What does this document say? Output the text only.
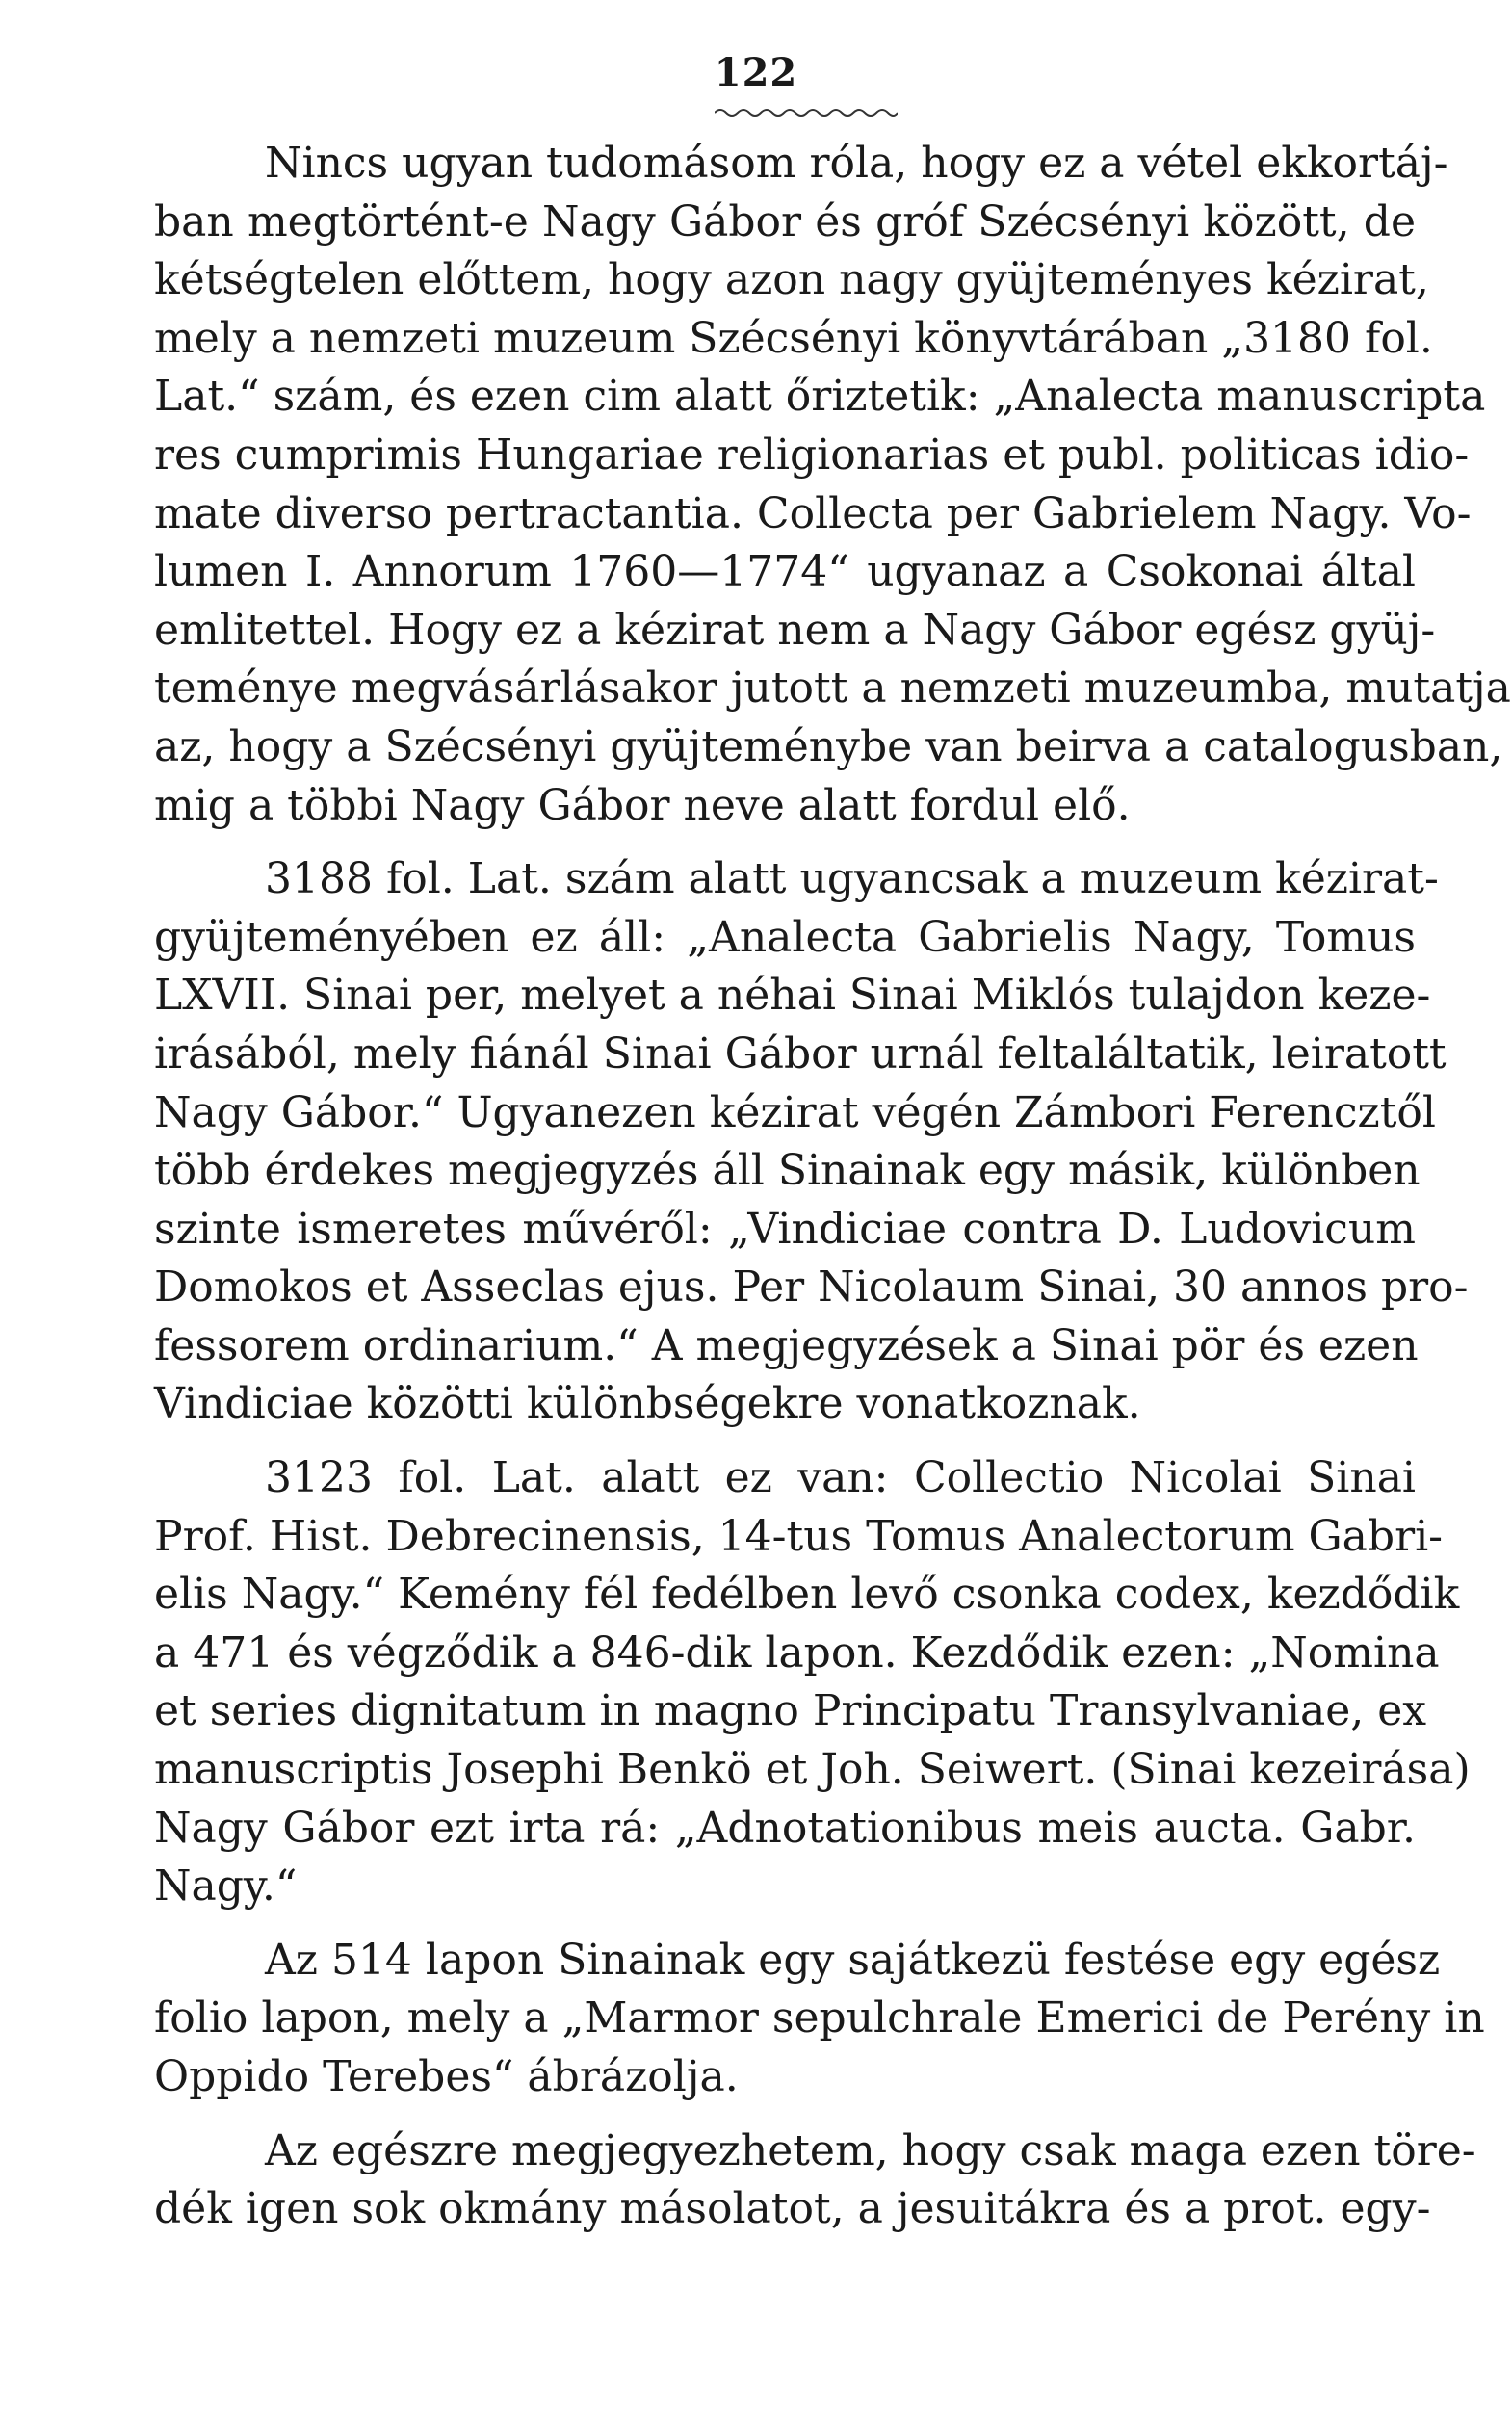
122

Nincs ugyan tudomásom róla, hogy ez a vétel ekkortáj-
ban megtörtént-e Nagy Gábor és gróf Szécsényi között, de
kétségtelen előttem, hogy azon nagy gyüjteményes kézirat,
mely a nemzeti muzeum Szécsényi könyvtárában „3180 fol.
Lat.“ szám, és ezen cim alatt őriztetik: „Analecta manuscripta
res cumprimis Hungariae religionarias et publ. politicas idio-
mate diverso pertractantia. Collecta per Gabrielem Nagy. Vo-
lumen I. Annorum 1760—1774“ ugyanaz a Csokonai által
emlitettel. Hogy ez a kézirat nem a Nagy Gábor egész gyüj-
teménye megvásárlásakor jutott a nemzeti muzeumba, mutatja
az, hogy a Szécsényi gyüjteménybe van beirva a catalogusban,
mig a többi Nagy Gábor neve alatt fordul elő.

3188 fol. Lat. szám alatt ugyancsak a muzeum kézirat-
gyüjteményében ez áll: „Analecta Gabrielis Nagy, Tomus
LXVII. Sinai per, melyet a néhai Sinai Miklós tulajdon keze-
irásából, mely fiánál Sinai Gábor urnál feltaláltatik, leiratott
Nagy Gábor.“ Ugyanezen kézirat végén Zámbori Ferencztől
több érdekes megjegyzés áll Sinainak egy másik, különben
szinte ismeretes művéről: „Vindiciae contra D. Ludovicum
Domokos et Asseclas ejus. Per Nicolaum Sinai, 30 annos pro-
fessorem ordinarium.“ A megjegyzések a Sinai pör és ezen
Vindiciae közötti különbségekre vonatkoznak.

3123 fol. Lat. alatt ez van: Collectio Nicolai Sinai
Prof. Hist. Debrecinensis, 14-tus Tomus Analectorum Gabri-
elis Nagy.“ Kemény fél fedélben levő csonka codex, kezdődik
a 471 és végződik a 846-dik lapon. Kezdődik ezen: „Nomina
et series dignitatum in magno Principatu Transylvaniae, ex
manuscriptis Josephi Benkö et Joh. Seiwert. (Sinai kezeirása)
Nagy Gábor ezt irta rá: „Adnotationibus meis aucta. Gabr.
Nagy.“

Az 514 lapon Sinainak egy sajátkezü festése egy egész
folio lapon, mely a „Marmor sepulchrale Emerici de Perény in
Oppido Terebes“ ábrázolja.

Az egészre megjegyezhetem, hogy csak maga ezen töre-
dék igen sok okmány másolatot, a jesuitákra és a prot. egy-
